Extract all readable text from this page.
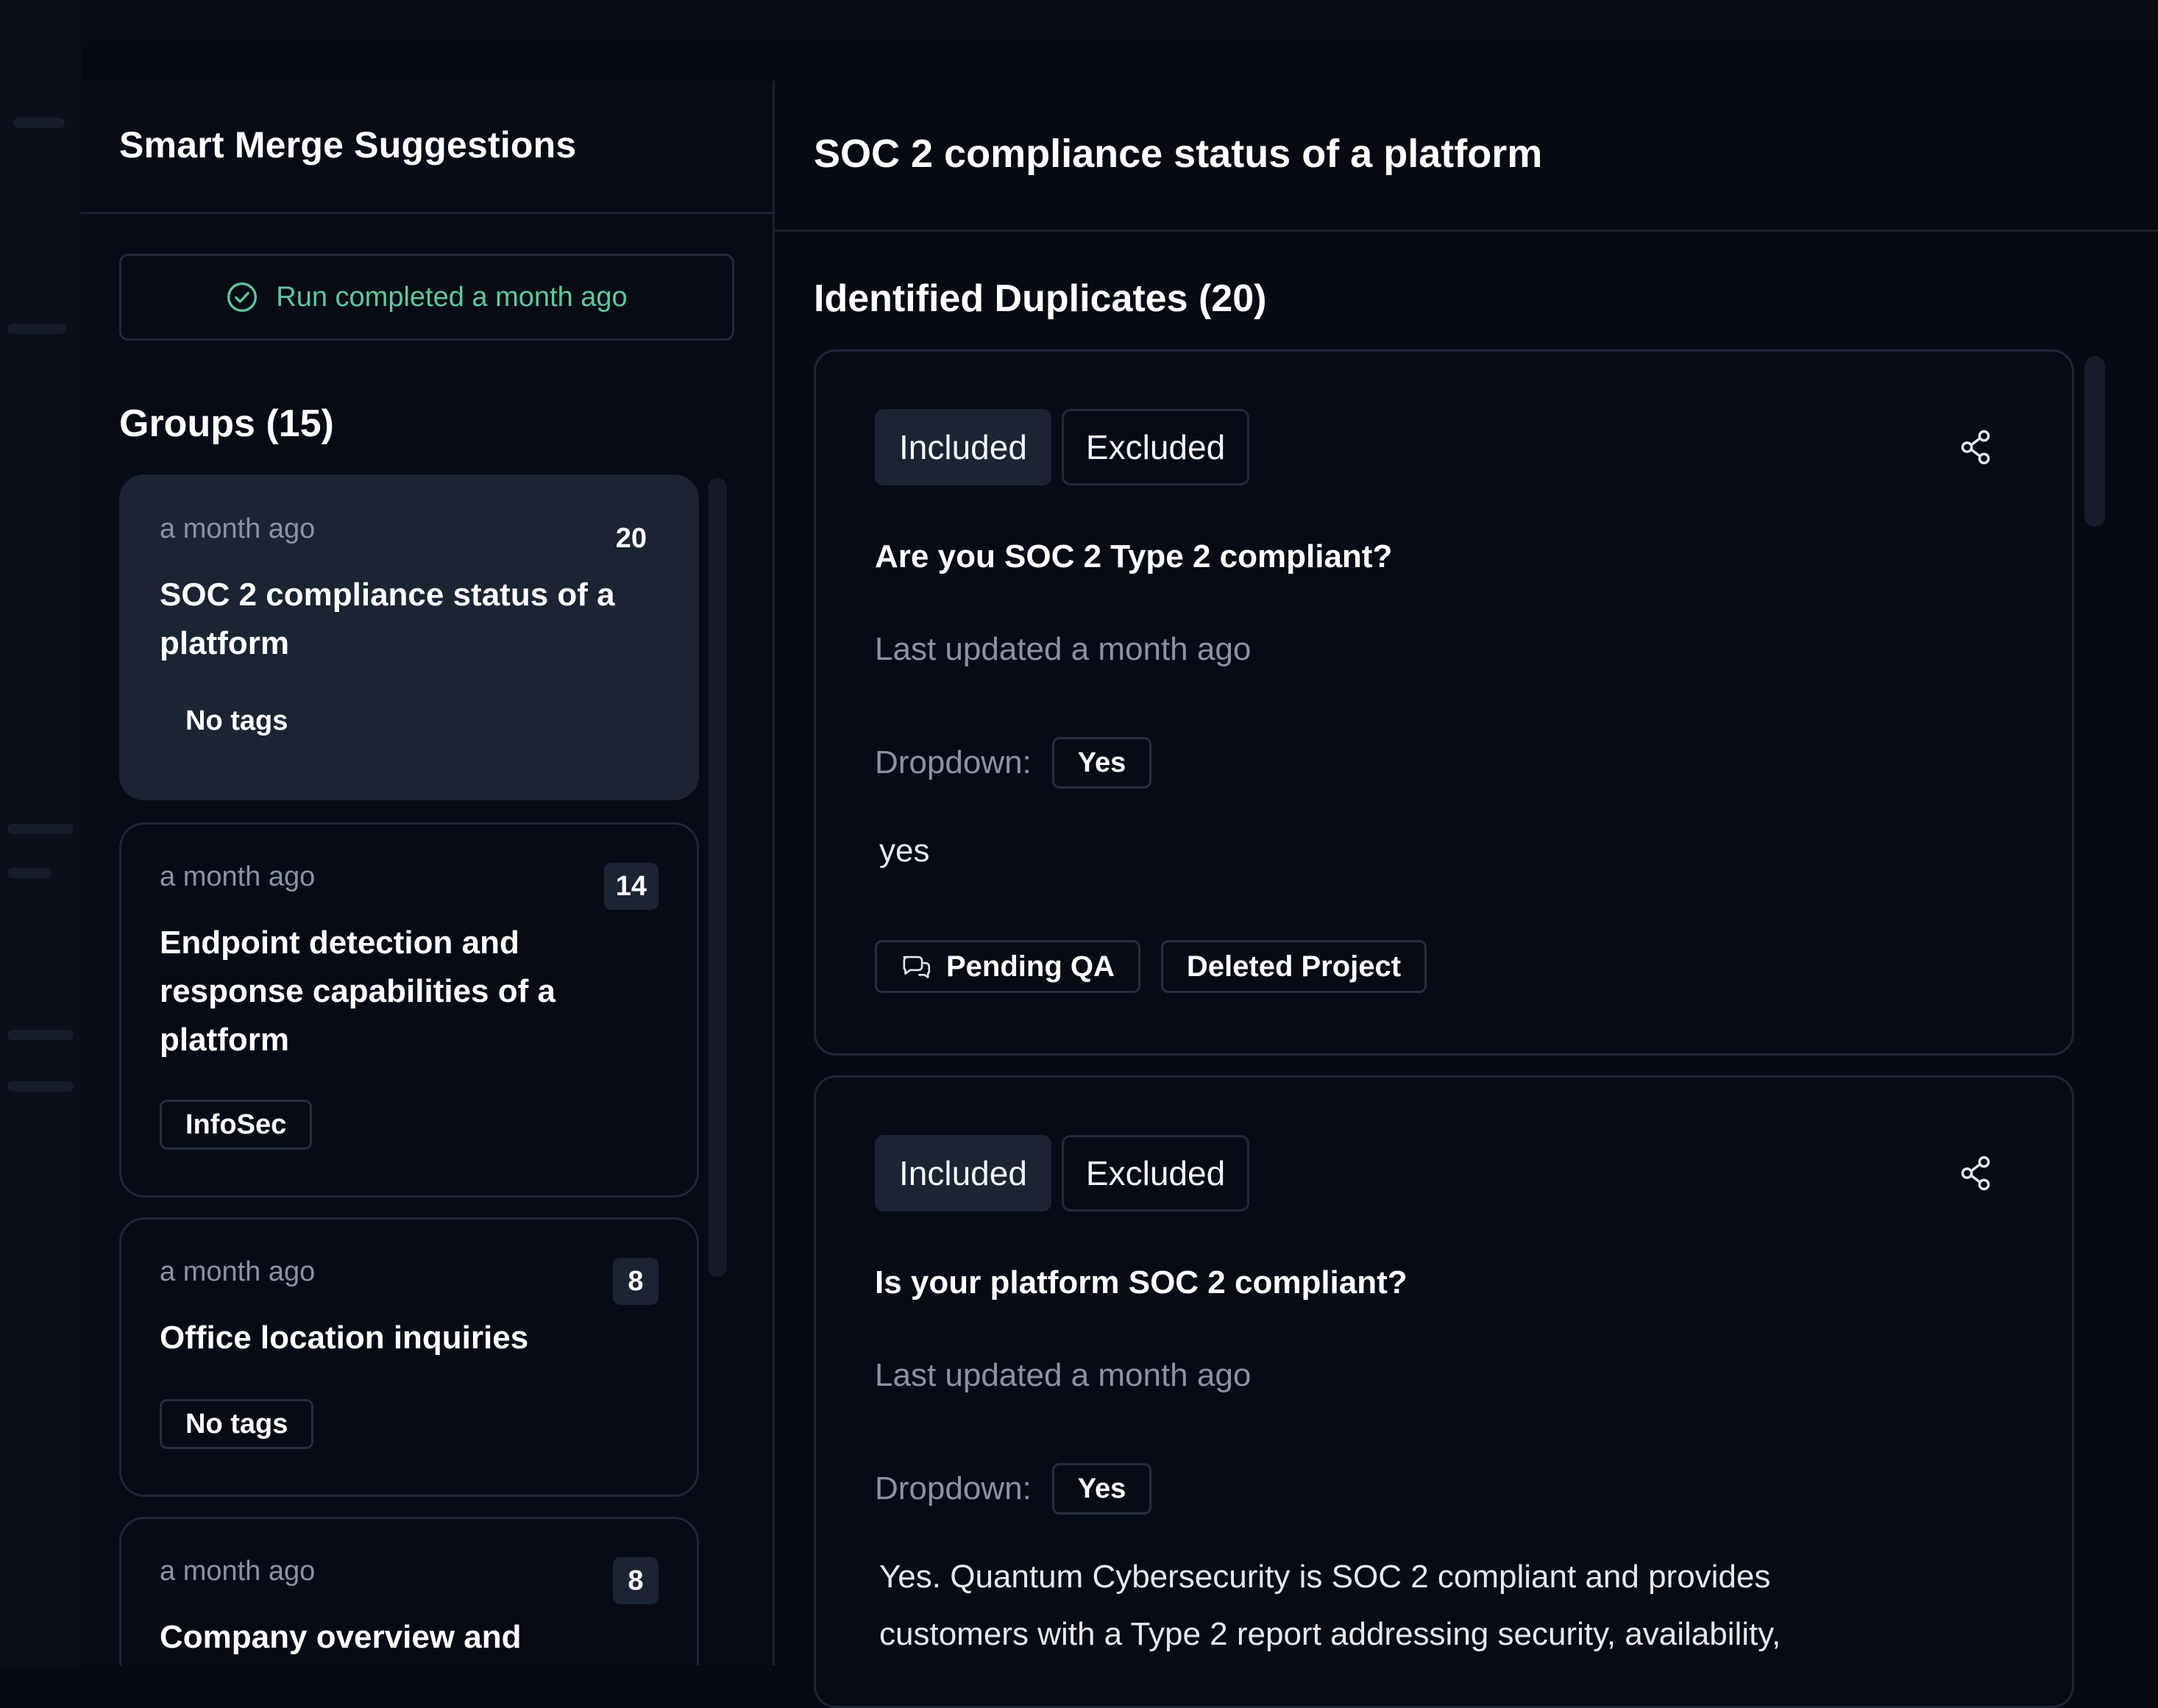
Smart Merge Suggestions
Run completed a month ago
Groups (15)
a month ago	20
SOC 2 compliance status of a platform
No tags
a month ago	14
Endpoint detection and response capabilities of a platform
InfoSec
a month ago	8
Office location inquiries
No tags
a month ago	8
Company overview and
SOC 2 compliance status of a platform
Identified Duplicates (20)
Included	Excluded
Are you SOC 2 Type 2 compliant?
Last updated a month ago
Dropdown:	Yes
yes
Pending QA Deleted Project
Included	Excluded
Is your platform SOC 2 compliant?
Last updated a month ago
Dropdown:	Yes
Yes. Quantum Cybersecurity is SOC 2 compliant and provides customers with a Type 2 report addressing security, availability,
